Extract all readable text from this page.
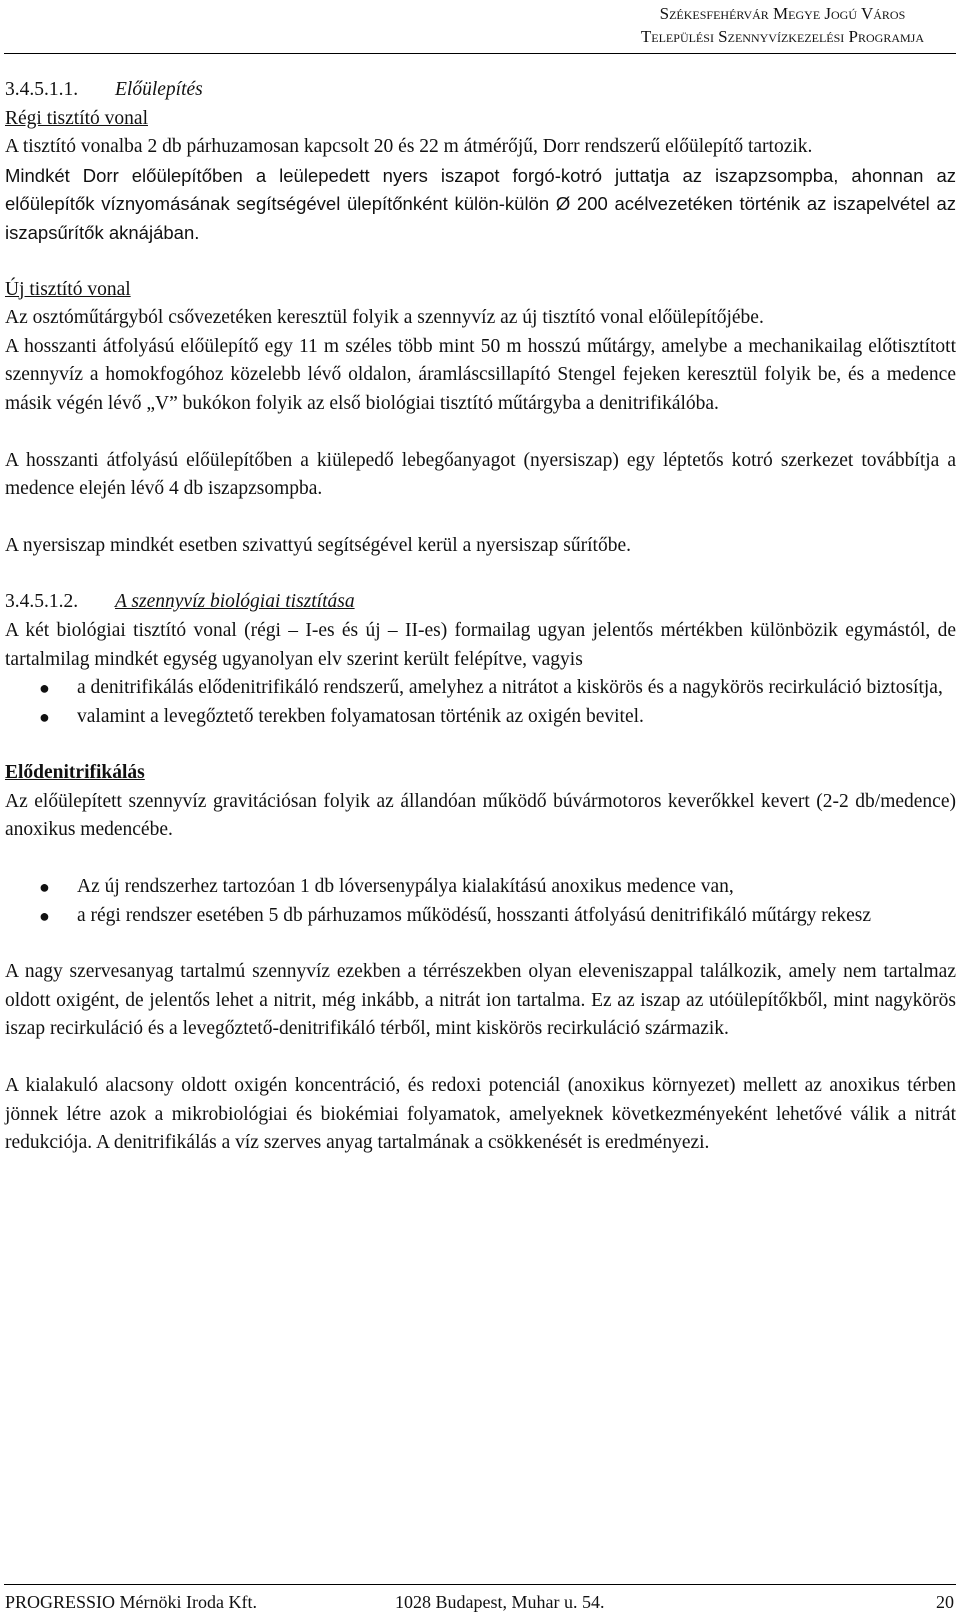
Székesfehérvár Megye Jogú Város
Települési Szennyvízkezelési Programja

3.4.5.1.1. Előülepítés

Régi tisztító vonal

A tisztító vonalba 2 db párhuzamosan kapcsolt 20 és 22 m átmérőjű, Dorr rendszerű előülepítő tartozik.

Mindkét Dorr előülepítőben a leülepedett nyers iszapot forgó-kotró juttatja az iszapzsompba, ahonnan az előülepítők víznyomásának segítségével ülepítőnként külön-külön Ø 200 acélvezetéken történik az iszapelvétel az iszapsűrítők aknájában.

Új tisztító vonal

Az osztóműtárgyból csővezetéken keresztül folyik a szennyvíz az új tisztító vonal előülepítőjébe.

A hosszanti átfolyású előülepítő egy 11 m széles több mint 50 m hosszú műtárgy, amelybe a mechanikailag előtisztított szennyvíz a homokfogóhoz közelebb lévő oldalon, áramláscsillapító Stengel fejeken keresztül folyik be, és a medence másik végén lévő „V” bukókon folyik az első biológiai tisztító műtárgyba a denitrifikálóba.

A hosszanti átfolyású előülepítőben a kiülepedő lebegőanyagot (nyersiszap) egy léptetős kotró szerkezet továbbítja a medence elején lévő 4 db iszapzsompba.

A nyersiszap mindkét esetben szivattyú segítségével kerül a nyersiszap sűrítőbe.

3.4.5.1.2. A szennyvíz biológiai tisztítása

A két biológiai tisztító vonal (régi – I-es és új – II-es) formailag ugyan jelentős mértékben különbözik egymástól, de tartalmilag mindkét egység ugyanolyan elv szerint került felépítve, vagyis

● a denitrifikálás elődenitrifikáló rendszerű, amelyhez a nitrátot a kiskörös és a nagykörös recirkuláció biztosítja,
● valamint a levegőztető terekben folyamatosan történik az oxigén bevitel.

Elődenitrifikálás

Az előülepített szennyvíz gravitációsan folyik az állandóan működő búvármotoros keverőkkel kevert (2-2 db/medence) anoxikus medencébe.

● Az új rendszerhez tartozóan 1 db lóversenypálya kialakítású anoxikus medence van,
● a régi rendszer esetében 5 db párhuzamos működésű, hosszanti átfolyású denitrifikáló műtárgy rekesz

A nagy szervesanyag tartalmú szennyvíz ezekben a térrészekben olyan eleveniszappal találkozik, amely nem tartalmaz oldott oxigént, de jelentős lehet a nitrit, még inkább, a nitrát ion tartalma. Ez az iszap az utóülepítőkből, mint nagykörös iszap recirkuláció és a levegőztető-denitrifikáló térből, mint kiskörös recirkuláció származik.

A kialakuló alacsony oldott oxigén koncentráció, és redoxi potenciál (anoxikus környezet) mellett az anoxikus térben jönnek létre azok a mikrobiológiai és biokémiai folyamatok, amelyeknek következményeként lehetővé válik a nitrát redukciója. A denitrifikálás a víz szerves anyag tartalmának a csökkenését is eredményezi.

PROGRESSIO Mérnöki Iroda Kft.	1028 Budapest, Muhar u. 54.	20
